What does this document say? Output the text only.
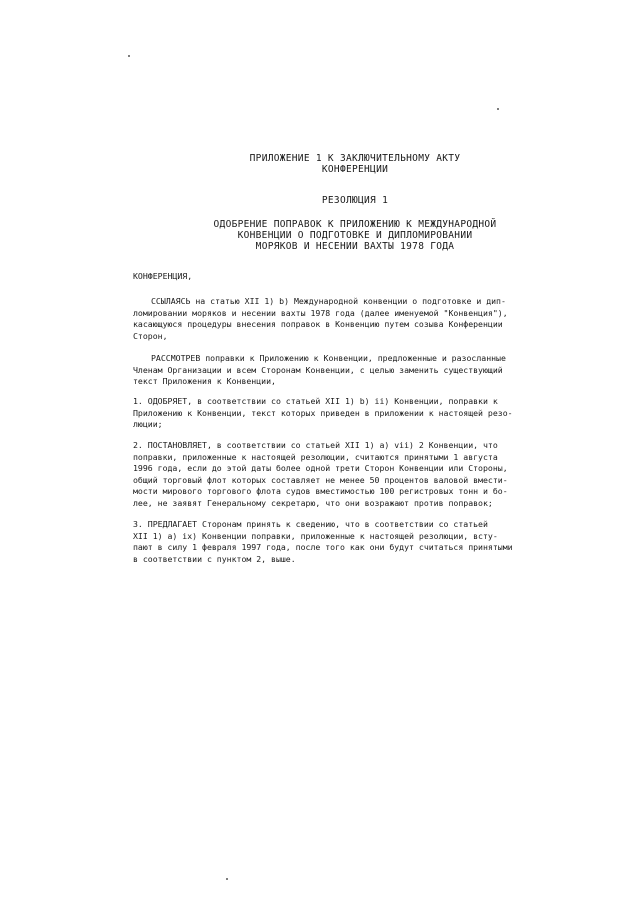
ПРИЛОЖЕНИЕ 1 К ЗАКЛЮЧИТЕЛЬНОМУ АКТУ
КОНФЕРЕНЦИИ
РЕЗОЛЮЦИЯ 1
ОДОБРЕНИЕ ПОПРАВОК К ПРИЛОЖЕНИЮ К МЕЖДУНАРОДНОЙ
КОНВЕНЦИИ О ПОДГОТОВКЕ И ДИПЛОМИРОВАНИИ
МОРЯКОВ И НЕСЕНИИ ВАХТЫ 1978 ГОДА
КОНФЕРЕНЦИЯ,
ССЫЛАЯСЬ на статью XII 1) b) Международной конвенции о подготовке и дип-
ломировании моряков и несении вахты 1978 года (далее именуемой "Конвенция"),
касающуюся процедуры внесения поправок в Конвенцию путем созыва Конференции
Сторон,
РАССМОТРЕВ поправки к Приложению к Конвенции, предложенные и разосланные
Членам Организации и всем Сторонам Конвенции, с целью заменить существующий
текст Приложения к Конвенции,
1. ОДОБРЯЕТ, в соответствии со статьей XII 1) b) ii) Конвенции, поправки к
Приложению к Конвенции, текст которых приведен в приложении к настоящей резо-
люции;
2. ПОСТАНОВЛЯЕТ, в соответствии со статьей XII 1) a) vii) 2 Конвенции, что
поправки, приложенные к настоящей резолюции, считаются принятыми 1 августа
1996 года, если до этой даты более одной трети Сторон Конвенции или Стороны,
общий торговый флот которых составляет не менее 50 процентов валовой вмести-
мости мирового торгового флота судов вместимостью 100 регистровых тонн и бо-
лее, не заявят Генеральному секретарю, что они возражают против поправок;
3. ПРЕДЛАГАЕТ Сторонам принять к сведению, что в соответствии со статьей
XII 1) a) ix) Конвенции поправки, приложенные к настоящей резолюции, всту-
пают в силу 1 февраля 1997 года, после того как они будут считаться принятыми
в соответствии с пунктом 2, выше.
